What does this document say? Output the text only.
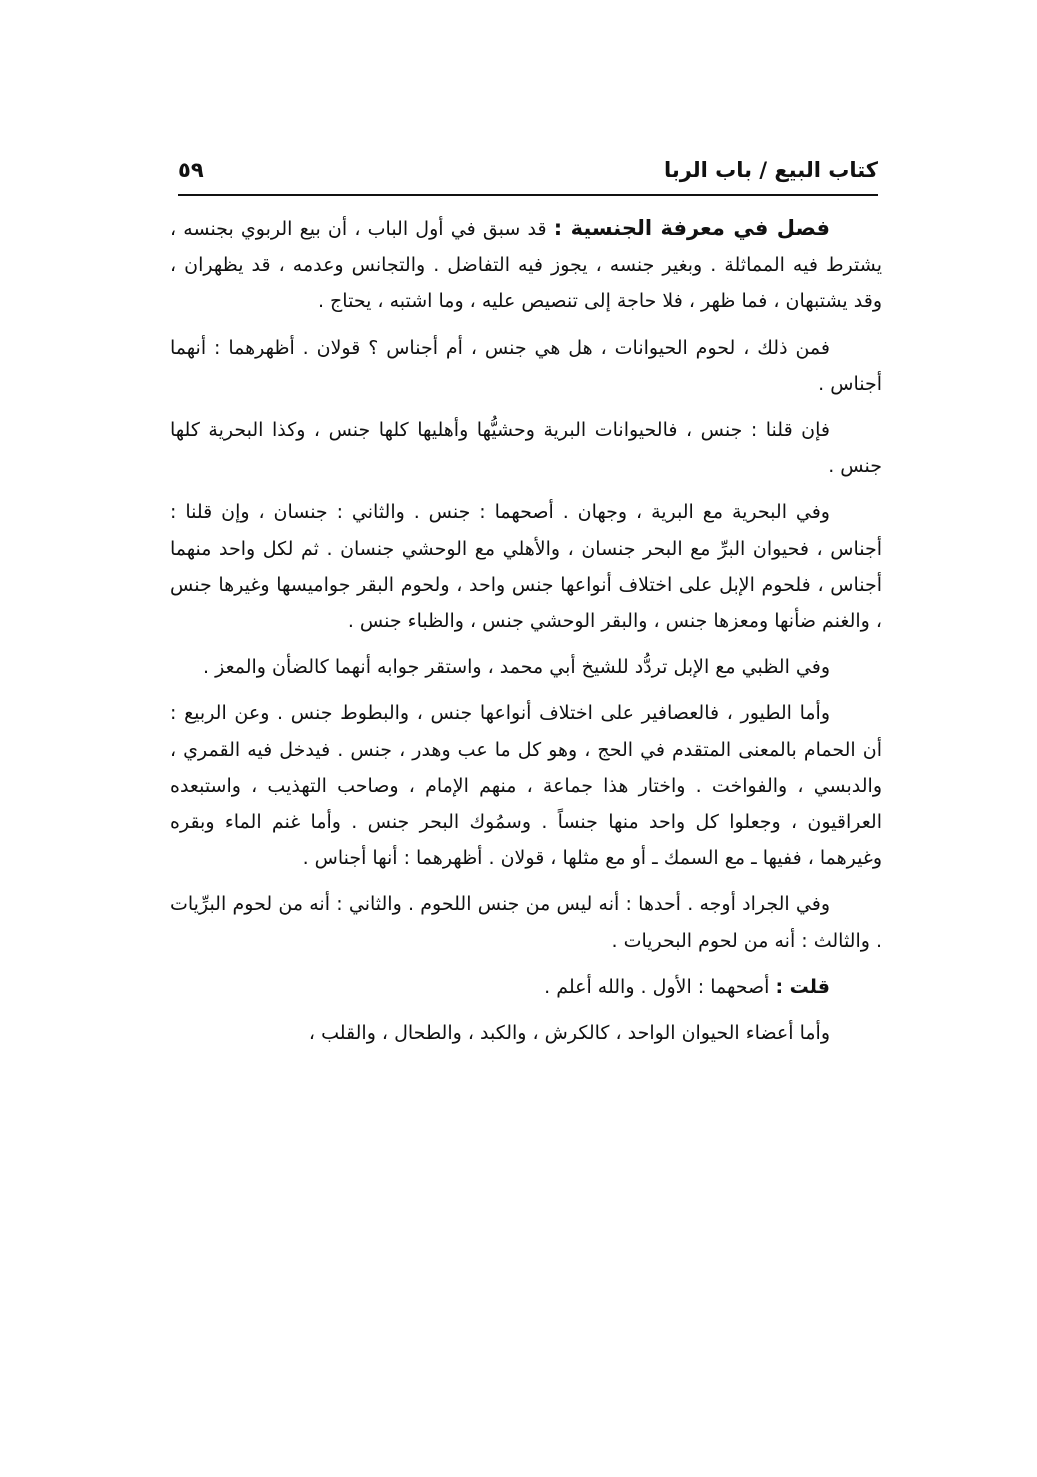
كتاب البيع / باب الربا
٥٩

فصل في معرفة الجنسية : قد سبق في أول الباب ، أن بيع الربوي بجنسه ، يشترط فيه المماثلة . وبغير جنسه ، يجوز فيه التفاضل . والتجانس وعدمه ، قد يظهران ، وقد يشتبهان ، فما ظهر ، فلا حاجة إلى تنصيص عليه ، وما اشتبه ، يحتاج .

فمن ذلك ، لحوم الحيوانات ، هل هي جنس ، أم أجناس ؟ قولان . أظهرهما : أنهما أجناس .

فإن قلنا : جنس ، فالحيوانات البرية وحشيُّها وأهليها كلها جنس ، وكذا البحرية كلها جنس .

وفي البحرية مع البرية ، وجهان . أصحهما : جنس . والثاني : جنسان ، وإن قلنا : أجناس ، فحيوان البرِّ مع البحر جنسان ، والأهلي مع الوحشي جنسان . ثم لكل واحد منهما أجناس ، فلحوم الإبل على اختلاف أنواعها جنس واحد ، ولحوم البقر جواميسها وغيرها جنس ، والغنم ضأنها ومعزها جنس ، والبقر الوحشي جنس ، والظباء جنس .

وفي الظبي مع الإبل تردُّد للشيخ أبي محمد ، واستقر جوابه أنهما كالضأن والمعز .

وأما الطيور ، فالعصافير على اختلاف أنواعها جنس ، والبطوط جنس . وعن الربيع : أن الحمام بالمعنى المتقدم في الحج ، وهو كل ما عب وهدر ، جنس . فيدخل فيه القمري ، والدبسي ، والفواخت . واختار هذا جماعة ، منهم الإمام ، وصاحب التهذيب ، واستبعده العراقيون ، وجعلوا كل واحد منها جنساً . وسمُوك البحر جنس . وأما غنم الماء وبقره وغيرهما ، ففيها ـ مع السمك ـ أو مع مثلها ، قولان . أظهرهما : أنها أجناس .

وفي الجراد أوجه . أحدها : أنه ليس من جنس اللحوم . والثاني : أنه من لحوم البرِّيات . والثالث : أنه من لحوم البحريات .

قلت : أصحهما : الأول . والله أعلم .

وأما أعضاء الحيوان الواحد ، كالكرش ، والكبد ، والطحال ، والقلب ،
